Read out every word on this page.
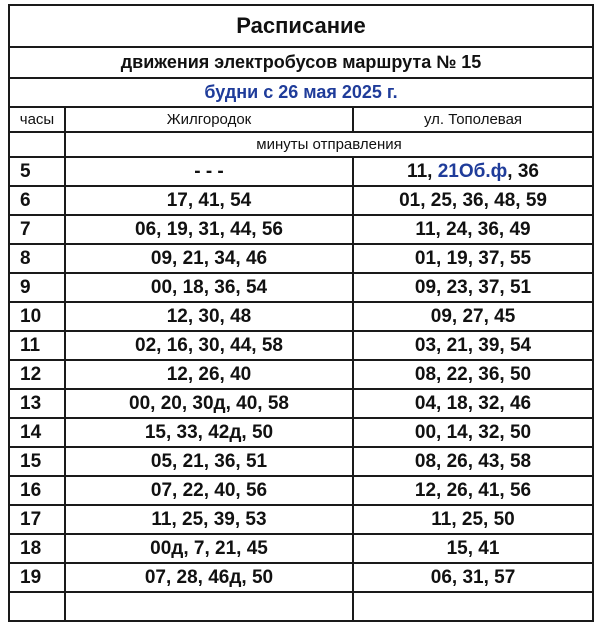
Расписание		
движения электробусов маршрута № 15		
будни с 26 мая 2025 г.		
часы	Жилгородок	ул. Тополевая
	минуты отправления	
5	- - -	11, 21Об.ф, 36
6	17, 41, 54	01, 25, 36, 48, 59
7	06, 19, 31, 44, 56	11, 24, 36, 49
8	09, 21, 34, 46	01, 19, 37, 55
9	00, 18, 36, 54	09, 23, 37, 51
10	12, 30, 48	09, 27, 45
11	02, 16, 30, 44, 58	03, 21, 39, 54
12	12, 26, 40	08, 22, 36, 50
13	00, 20, 30д, 40, 58	04, 18, 32, 46
14	15, 33, 42д, 50	00, 14, 32, 50
15	05, 21, 36, 51	08, 26, 43, 58
16	07, 22, 40, 56	12, 26, 41, 56
17	11, 25, 39, 53	11, 25, 50
18	00д, 7, 21, 45	15, 41
19	07, 28, 46д, 50	06, 31, 57
